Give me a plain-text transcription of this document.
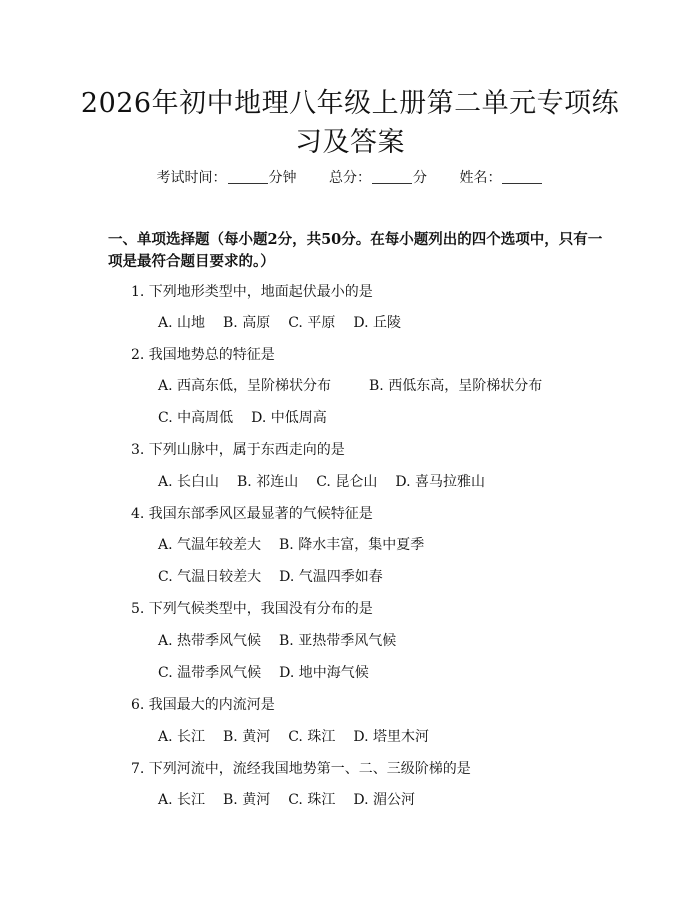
2026年初中地理八年级上册第二单元专项练
习及答案
考试时间：	分钟 总分：	分 姓名：
一、单项选择题（每小题2分，共50分。在每小题列出的四个选项中，只有一项是最符合题目要求的。）
1. 下列地形类型中，地面起伏最小的是
A. 山地 B. 高原 C. 平原 D. 丘陵
2. 我国地势总的特征是
A. 西高东低，呈阶梯状分布	B. 西低东高，呈阶梯状分布
C. 中高周低 D. 中低周高
3. 下列山脉中，属于东西走向的是
A. 长白山 B. 祁连山 C. 昆仑山 D. 喜马拉雅山
4. 我国东部季风区最显著的气候特征是
A. 气温年较差大 B. 降水丰富，集中夏季
C. 气温日较差大 D. 气温四季如春
5. 下列气候类型中，我国没有分布的是
A. 热带季风气候 B. 亚热带季风气候
C. 温带季风气候 D. 地中海气候
6. 我国最大的内流河是
A. 长江 B. 黄河 C. 珠江 D. 塔里木河
7. 下列河流中，流经我国地势第一、二、三级阶梯的是
A. 长江 B. 黄河 C. 珠江 D. 湄公河
